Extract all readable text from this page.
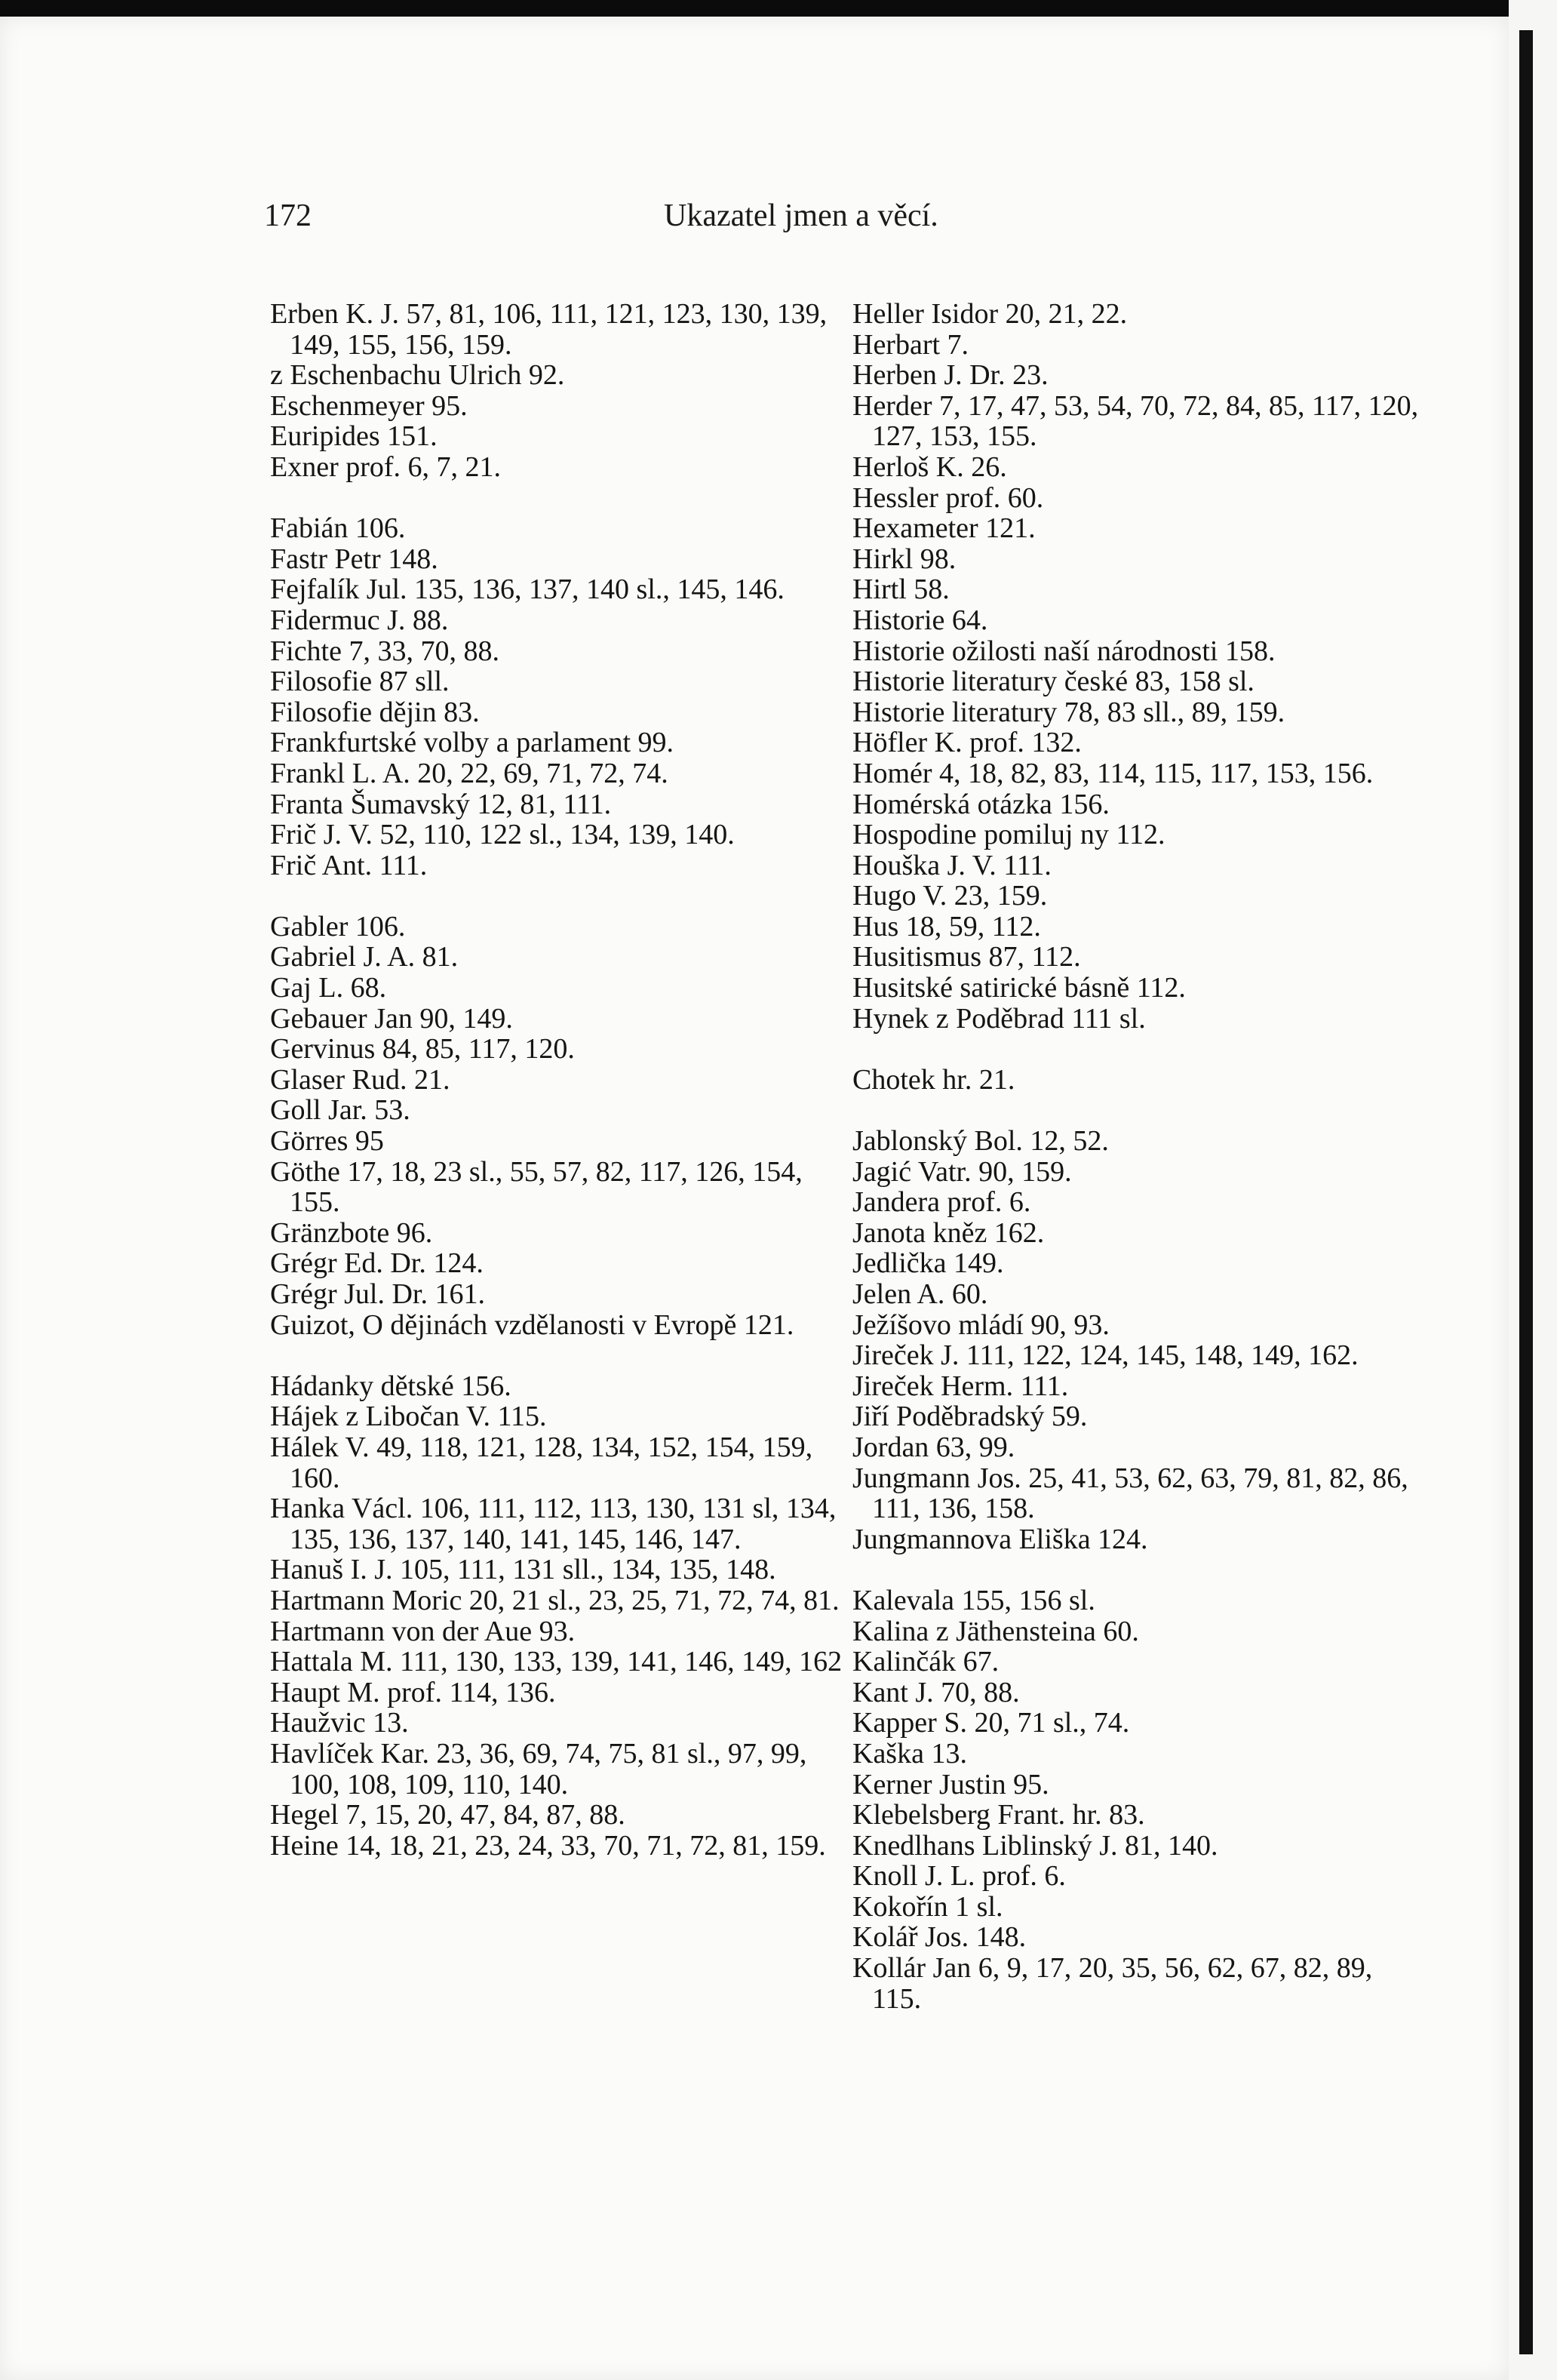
172	Ukazatel jmen a věcí.

Erben K. J. 57, 81, 106, 111, 121, 123, 130, 139, 149, 155, 156, 159.

z Eschenbachu Ulrich 92.

Eschenmeyer 95.

Euripides 151.

Exner prof. 6, 7, 21.

Fabián 106.

Fastr Petr 148.

Fejfalík Jul. 135, 136, 137, 140 sl., 145, 146.

Fidermuc J. 88.

Fichte 7, 33, 70, 88.

Filosofie 87 sll.

Filosofie dějin 83.

Frankfurtské volby a parlament 99.

Frankl L. A. 20, 22, 69, 71, 72, 74.

Franta Šumavský 12, 81, 111.

Frič J. V. 52, 110, 122 sl., 134, 139, 140.

Frič Ant. 111.

Gabler 106.

Gabriel J. A. 81.

Gaj L. 68.

Gebauer Jan 90, 149.

Gervinus 84, 85, 117, 120.

Glaser Rud. 21.

Goll Jar. 53.

Görres 95

Göthe 17, 18, 23 sl., 55, 57, 82, 117, 126, 154, 155.

Gränzbote 96.

Grégr Ed. Dr. 124.

Grégr Jul. Dr. 161.

Guizot, O dějinách vzdělanosti v Evropě 121.

Hádanky dětské 156.

Hájek z Libočan V. 115.

Hálek V. 49, 118, 121, 128, 134, 152, 154, 159, 160.

Hanka Václ. 106, 111, 112, 113, 130, 131 sl, 134, 135, 136, 137, 140, 141, 145, 146, 147.

Hanuš I. J. 105, 111, 131 sll., 134, 135, 148.

Hartmann Moric 20, 21 sl., 23, 25, 71, 72, 74, 81.

Hartmann von der Aue 93.

Hattala M. 111, 130, 133, 139, 141, 146, 149, 162

Haupt M. prof. 114, 136.

Haužvic 13.

Havlíček Kar. 23, 36, 69, 74, 75, 81 sl., 97, 99, 100, 108, 109, 110, 140.

Hegel 7, 15, 20, 47, 84, 87, 88.

Heine 14, 18, 21, 23, 24, 33, 70, 71, 72, 81, 159.

Heller Isidor 20, 21, 22.

Herbart 7.

Herben J. Dr. 23.

Herder 7, 17, 47, 53, 54, 70, 72, 84, 85, 117, 120, 127, 153, 155.

Herloš K. 26.

Hessler prof. 60.

Hexameter 121.

Hirkl 98.

Hirtl 58.

Historie 64.

Historie ožilosti naší národnosti 158.

Historie literatury české 83, 158 sl.

Historie literatury 78, 83 sll., 89, 159.

Höfler K. prof. 132.

Homér 4, 18, 82, 83, 114, 115, 117, 153, 156.

Homérská otázka 156.

Hospodine pomiluj ny 112.

Houška J. V. 111.

Hugo V. 23, 159.

Hus 18, 59, 112.

Husitismus 87, 112.

Husitské satirické básně 112.

Hynek z Poděbrad 111 sl.

Chotek hr. 21.

Jablonský Bol. 12, 52.

Jagić Vatr. 90, 159.

Jandera prof. 6.

Janota kněz 162.

Jedlička 149.

Jelen A. 60.

Ježíšovo mládí 90, 93.

Jireček J. 111, 122, 124, 145, 148, 149, 162.

Jireček Herm. 111.

Jiří Poděbradský 59.

Jordan 63, 99.

Jungmann Jos. 25, 41, 53, 62, 63, 79, 81, 82, 86, 111, 136, 158.

Jungmannova Eliška 124.

Kalevala 155, 156 sl.

Kalina z Jäthensteina 60.

Kalinčák 67.

Kant J. 70, 88.

Kapper S. 20, 71 sl., 74.

Kaška 13.

Kerner Justin 95.

Klebelsberg Frant. hr. 83.

Knedlhans Liblinský J. 81, 140.

Knoll J. L. prof. 6.

Kokořín 1 sl.

Kolář Jos. 148.

Kollár Jan 6, 9, 17, 20, 35, 56, 62, 67, 82, 89, 115.
